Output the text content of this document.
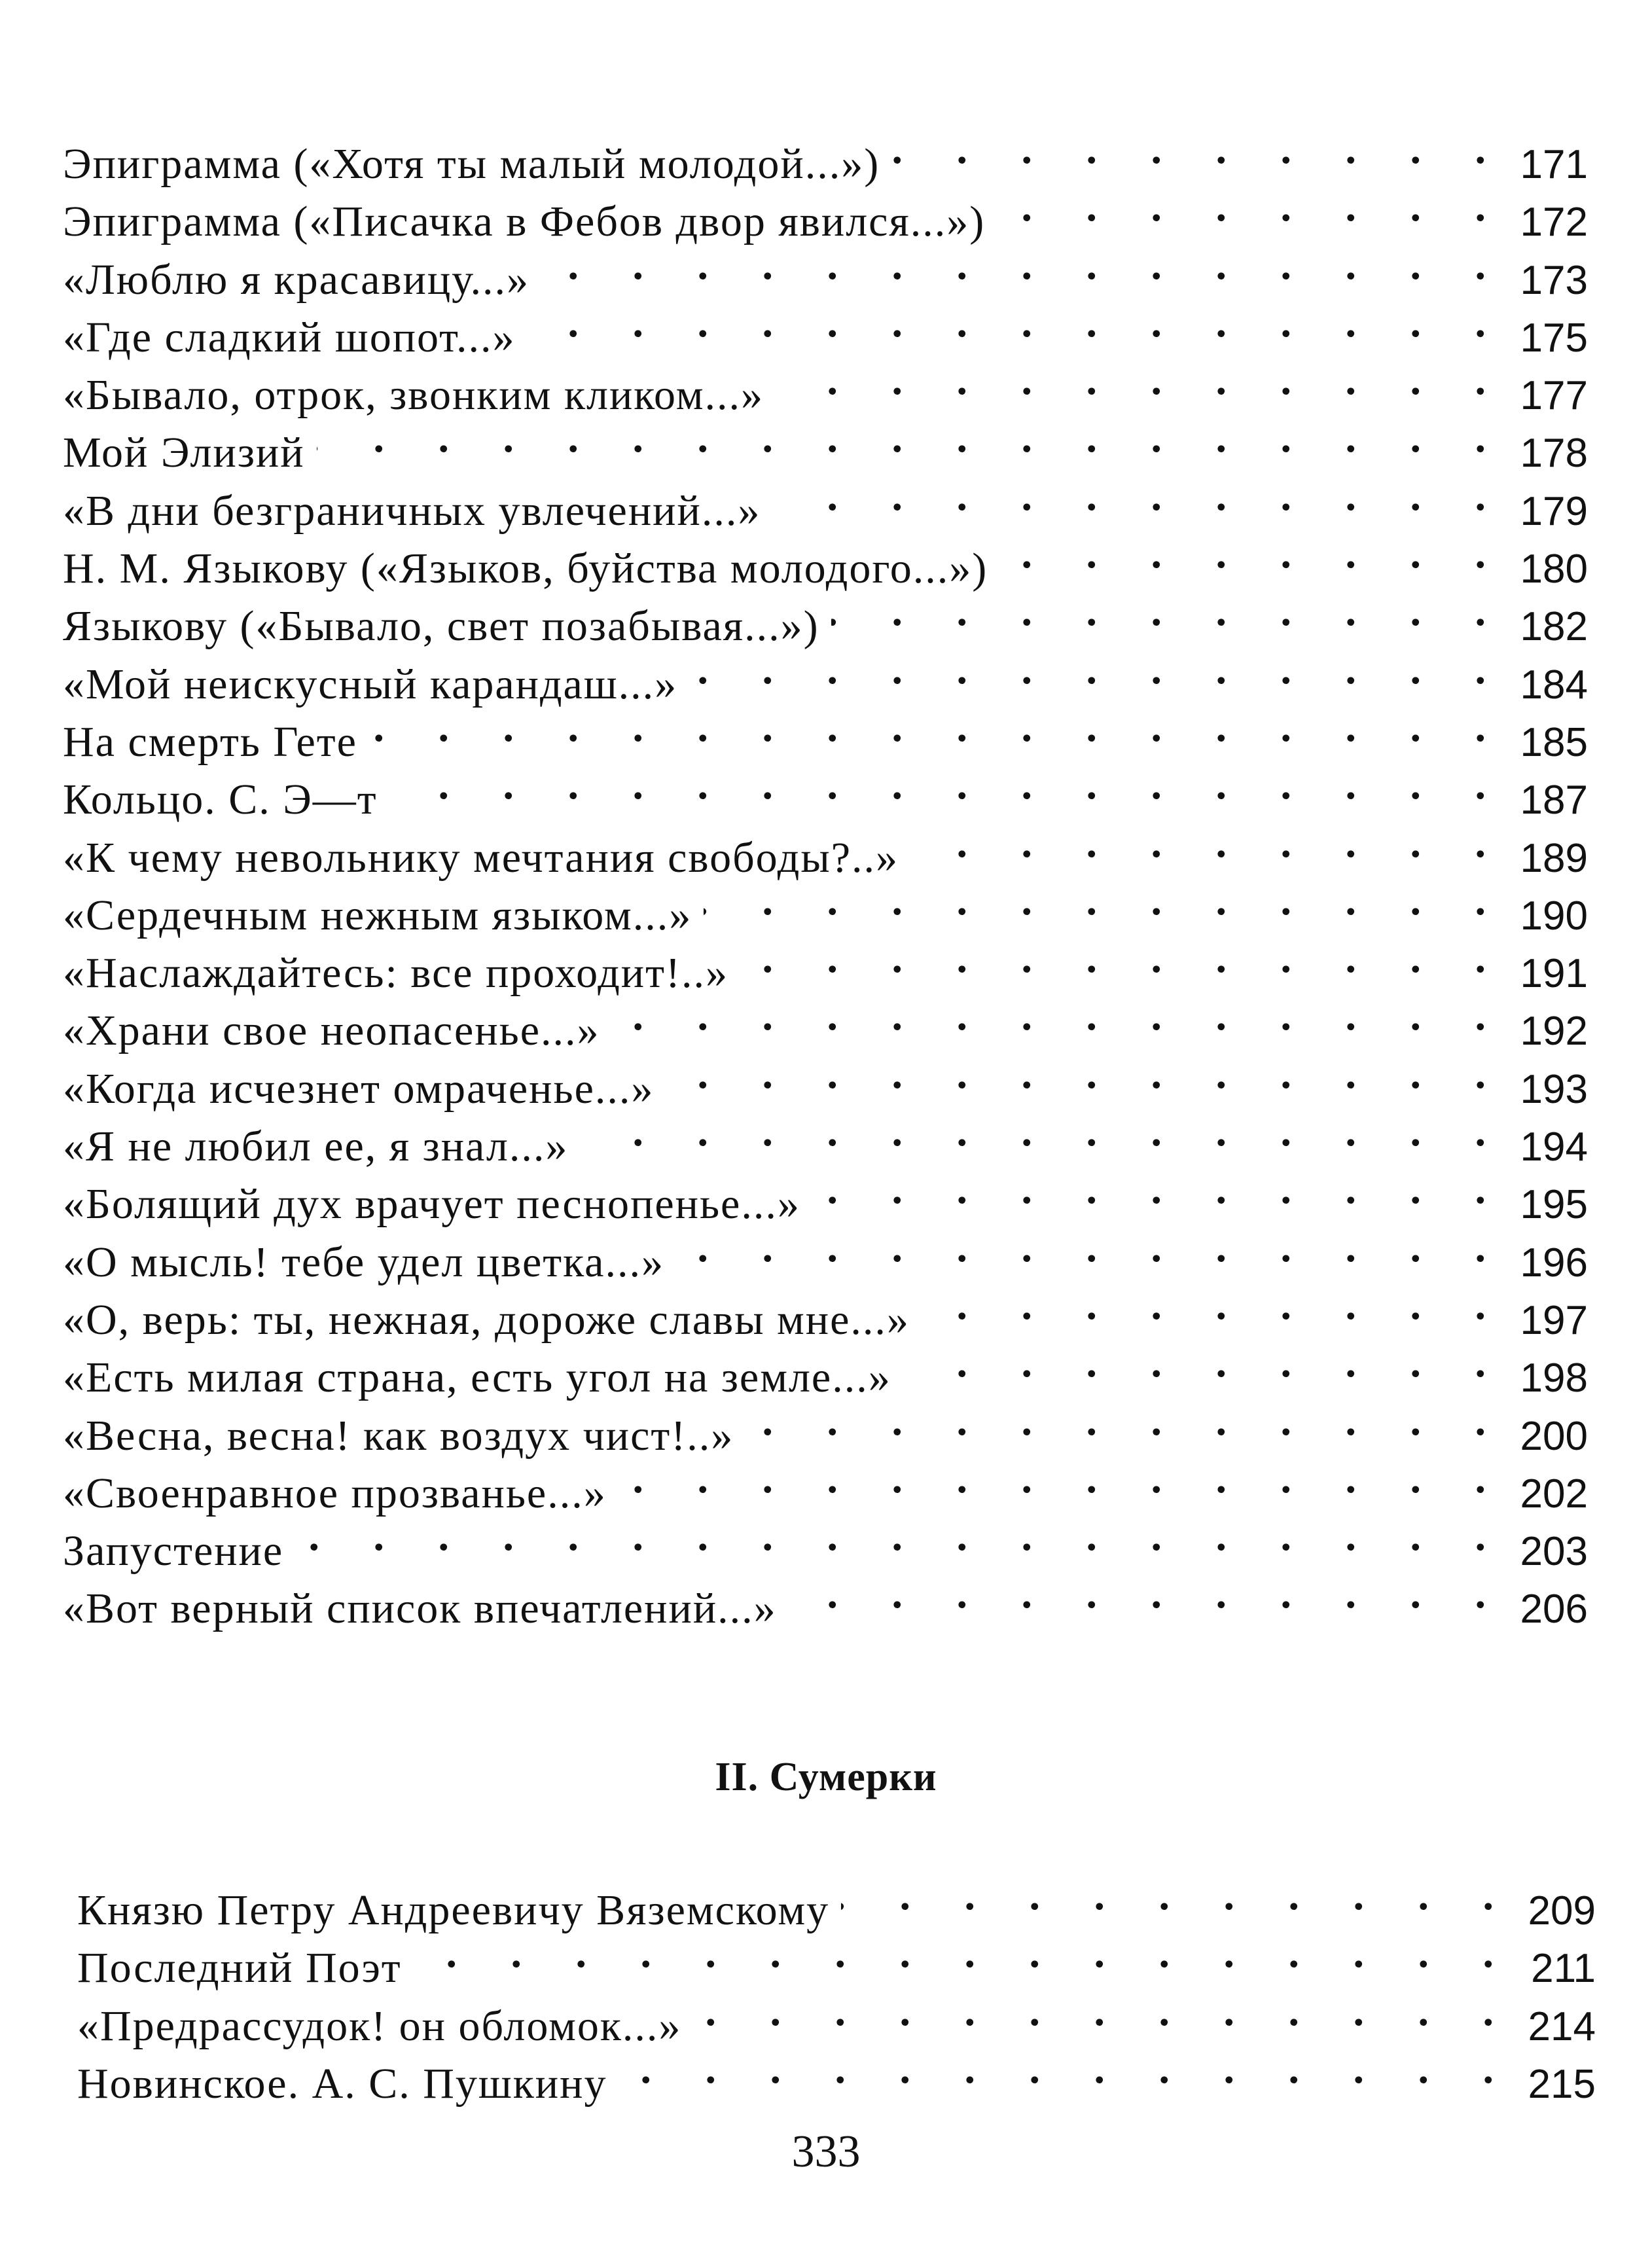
Эпиграмма («Хотя ты малый молодой...») .	171
Эпиграмма («Писачка в Фебов двор явился...») .	172
«Люблю я красавицу...» .	173
«Где сладкий шопот...» .	175
«Бывало, отрок, звонким кликом...» .	177
Мой Элизий .	178
«В дни безграничных увлечений...» .	179
Н. М. Языкову («Языков, буйства молодого...») .	180
Языкову («Бывало, свет позабывая...») .	182
«Мой неискусный карандаш...» .	184
На смерть Гете .	185
Кольцо. С. Э—т .	187
«К чему невольнику мечтания свободы?..» .	189
«Сердечным нежным языком...» .	190
«Наслаждайтесь: все проходит!..» .	191
«Храни свое неопасенье...» .	192
«Когда исчезнет омраченье...» .	193
«Я не любил ее, я знал...» .	194
«Болящий дух врачует песнопенье...» .	195
«О мысль! тебе удел цветка...» .	196
«О, верь: ты, нежная, дороже славы мне...» .	197
«Есть милая страна, есть угол на земле...» .	198
«Весна, весна! как воздух чист!..» .	200
«Своенравное прозванье...» .	202
Запустение .	203
«Вот верный список впечатлений...» .	206
II. Сумерки
Князю Петру Андреевичу Вяземскому .	209
Последний Поэт .	211
«Предрассудок! он обломок...» .	214
Новинское. А. С. Пушкину .	215
333
